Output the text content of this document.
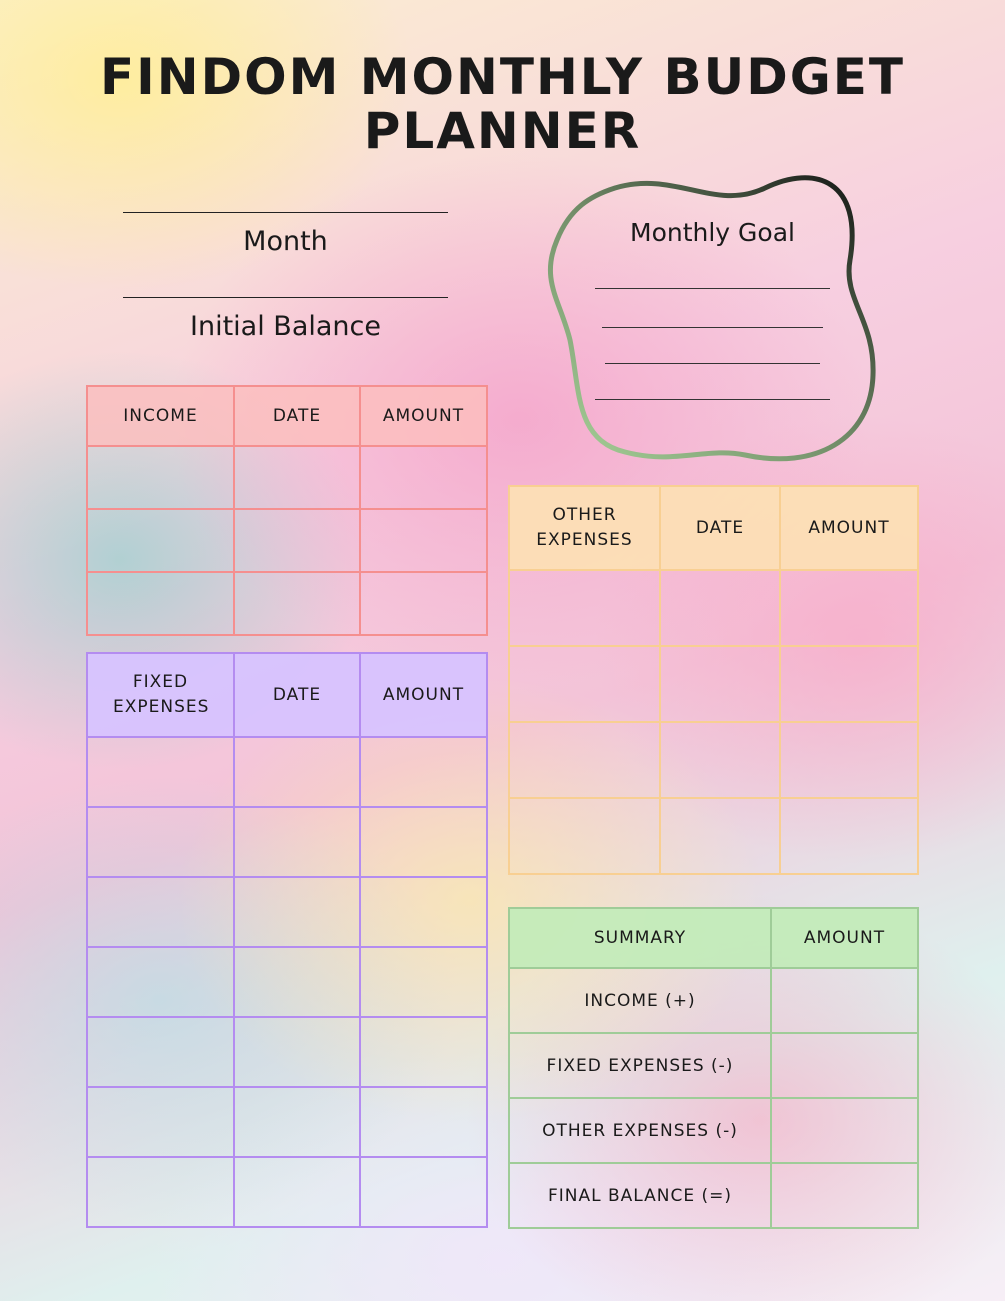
FINDOM MONTHLY BUDGET
PLANNER
Month
Initial Balance
Monthly Goal
INCOME	DATE	AMOUNT

FIXED EXPENSES	DATE	AMOUNT

OTHER EXPENSES	DATE	AMOUNT

SUMMARY	AMOUNT
INCOME (+)	
FIXED EXPENSES (-)	
OTHER EXPENSES (-)	
FINAL BALANCE (=)	
